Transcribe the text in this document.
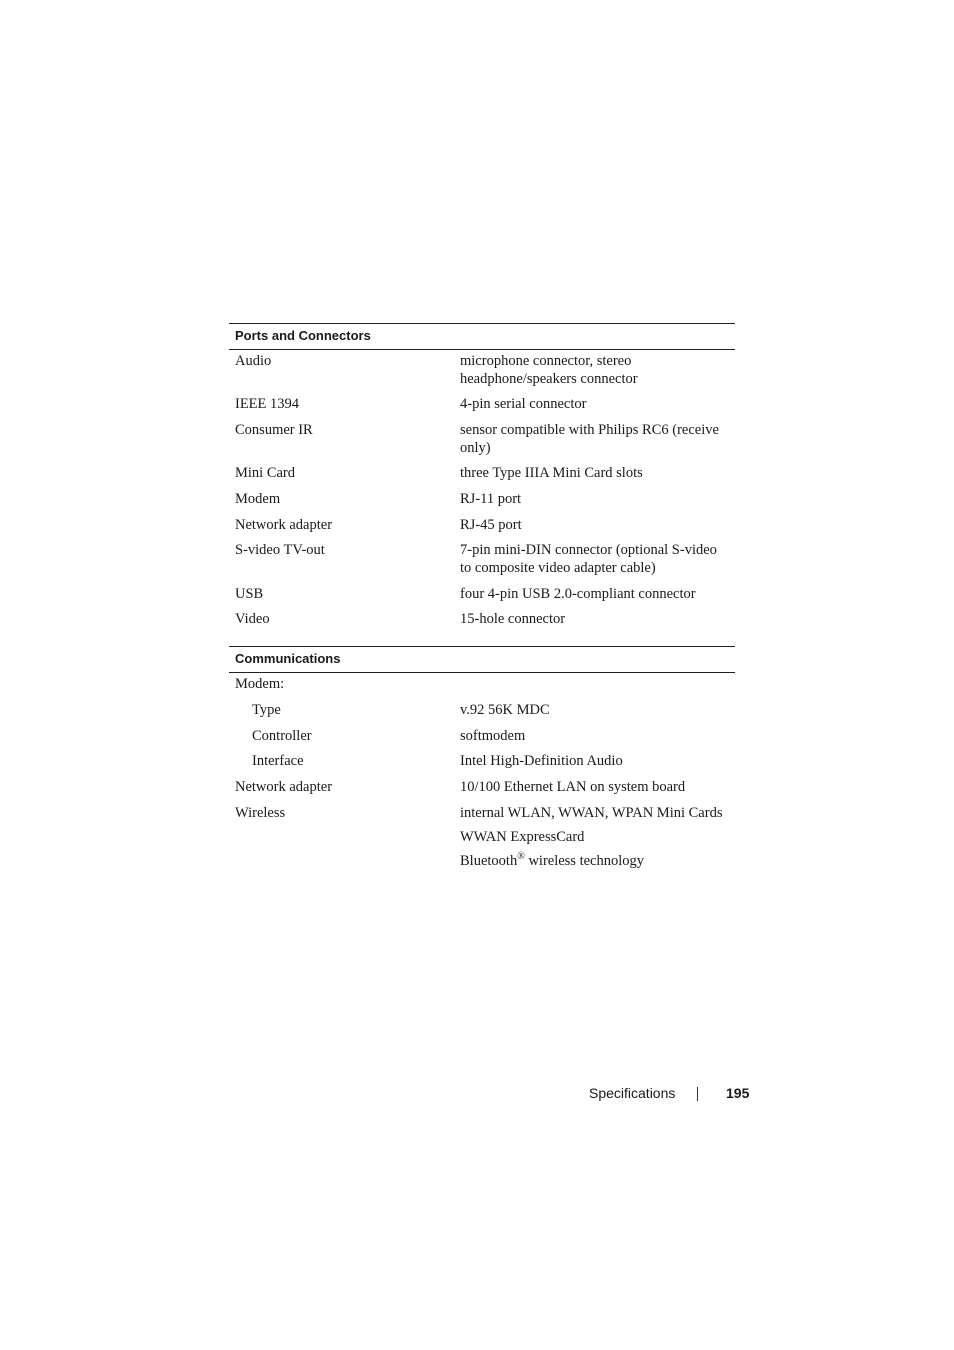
Ports and Connectors
Audio	microphone connector, stereo headphone/speakers connector
IEEE 1394	4-pin serial connector
Consumer IR	sensor compatible with Philips RC6 (receive only)
Mini Card	three Type IIIA Mini Card slots
Modem	RJ-11 port
Network adapter	RJ-45 port
S-video TV-out	7-pin mini-DIN connector (optional S-video to composite video adapter cable)
USB	four 4-pin USB 2.0-compliant connector
Video	15-hole connector
Communications
Modem:
Type	v.92 56K MDC
Controller	softmodem
Interface	Intel High-Definition Audio
Network adapter	10/100 Ethernet LAN on system board
Wireless	internal WLAN, WWAN, WPAN Mini Cards
WWAN ExpressCard
Bluetooth® wireless technology
Specifications	195
